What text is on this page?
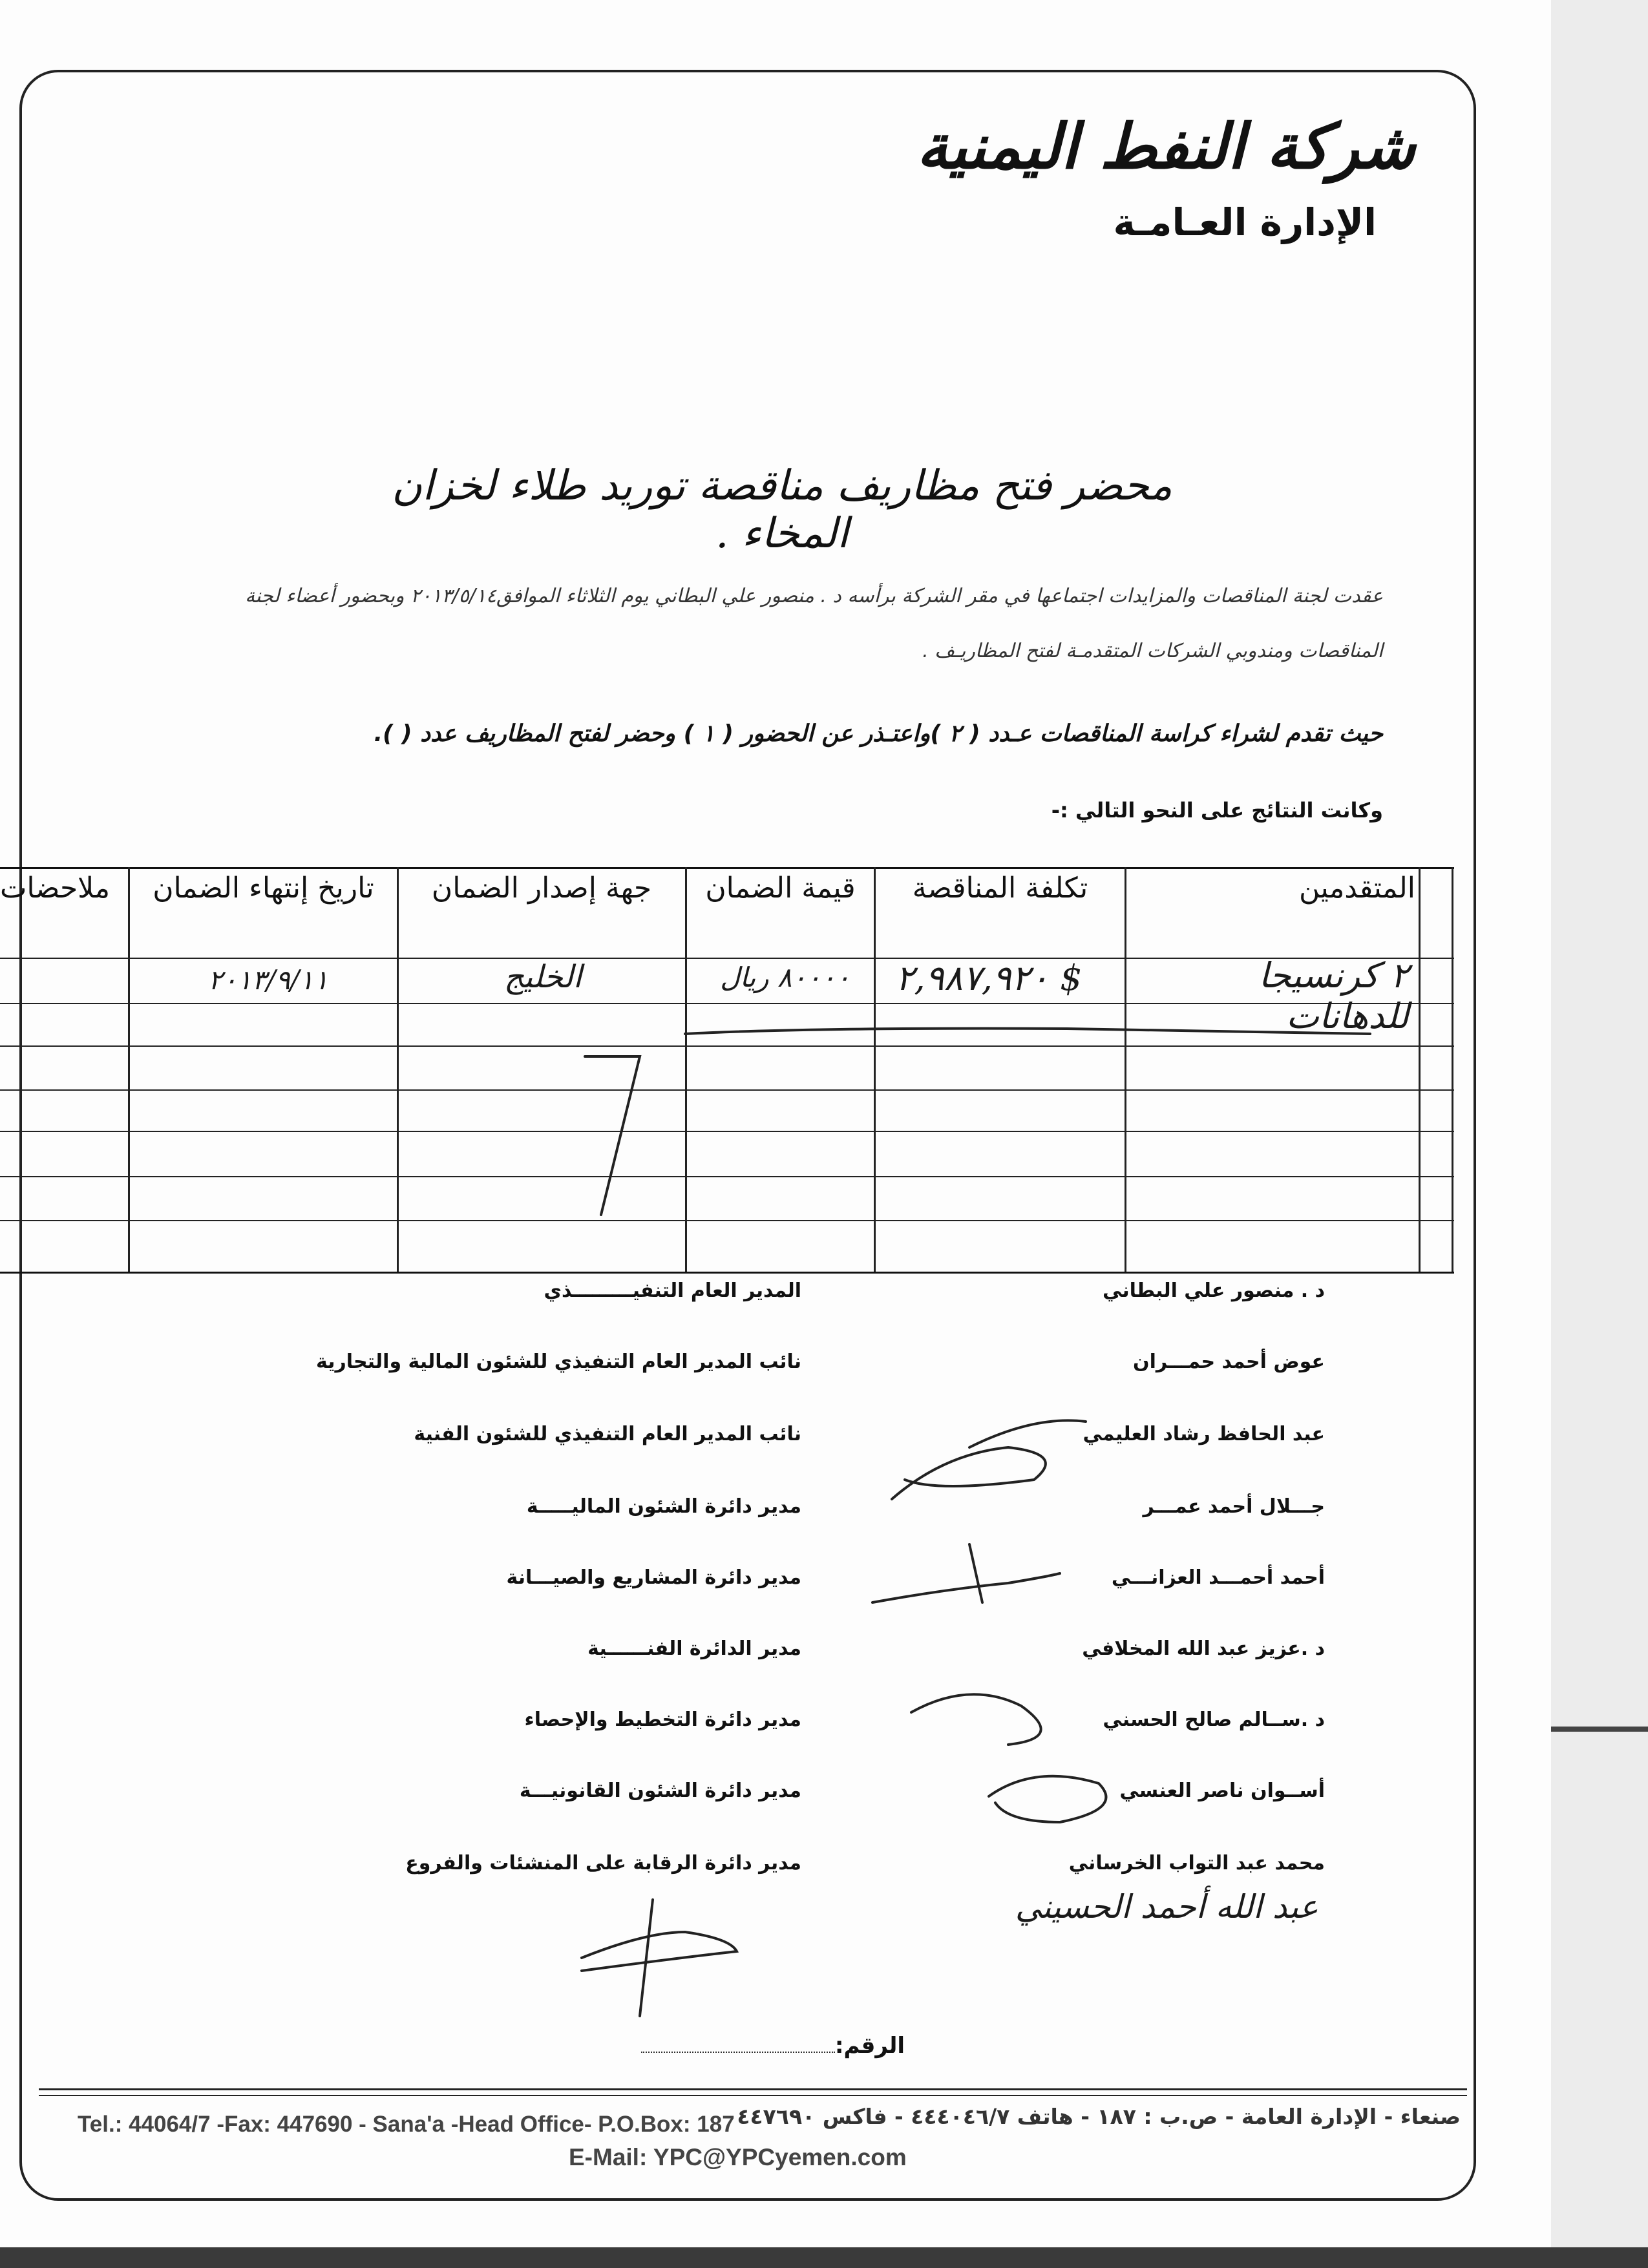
شركة النفط اليمنية
الإدارة العـامـة
محضر فتح مظاريف مناقصة توريد طلاء لخزان المخاء .
عقدت لجنة المناقصات والمزايدات اجتماعها في مقر الشركة برأسه د . منصور علي البطاني يوم الثلاثاء الموافق٢٠١٣/٥/١٤ وبحضور أعضاء لجنة
المناقصات ومندوبي الشركات المتقدمـة لفتح المظاريـف .
حيث تقدم لشراء كراسة المناقصات عـدد ( ٢ )واعتـذر عن الحضور ( ١ ) وحضر لفتح المظاريف عدد ( ).
وكانت النتائج على النحو التالي :-
المتقدمين
تكلفة المناقصة
قيمة الضمان
جهة إصدار الضمان
تاريخ إنتهاء الضمان
ملاحضات
٢ كرنسيجا للدهانات
٢,٩٨٧,٩٢٠ $
٨٠٠٠٠ ريال
الخليج
٢٠١٣/٩/١١
د . منصور علي البطاني
عوض أحمد حمـــران
عبد الحافظ رشاد العليمي
جـــلال أحمد عمـــر
أحمد أحمـــد العزانـــي
د .عزيز عبد الله المخلافي
د .ســالم صالح الحسني
أســوان ناصر العنسي
محمد عبد التواب الخرساني
عبد الله أحمد الحسيني
المدير العام التنفيـــــــــذي
نائب المدير العام التنفيذي للشئون المالية والتجارية
نائب المدير العام التنفيذي للشئون الفنية
مدير دائرة الشئون الماليـــــة
مدير دائرة المشاريع والصيـــانة
مدير الدائرة الفنــــــية
مدير دائرة التخطيط والإحصاء
مدير دائرة الشئون القانونيـــة
مدير دائرة الرقابة على المنشئات والفروع
الرقم:
Tel.: 44064/7 -Fax: 447690 - Sana'a -Head Office- P.O.Box: 187 صنعاء - الإدارة العامة - ص.ب : ١٨٧ - هاتف ٤٤٤٠٤٦/٧ - فاكس ٤٤٧٦٩٠
E-Mail: YPC@YPCyemen.com
